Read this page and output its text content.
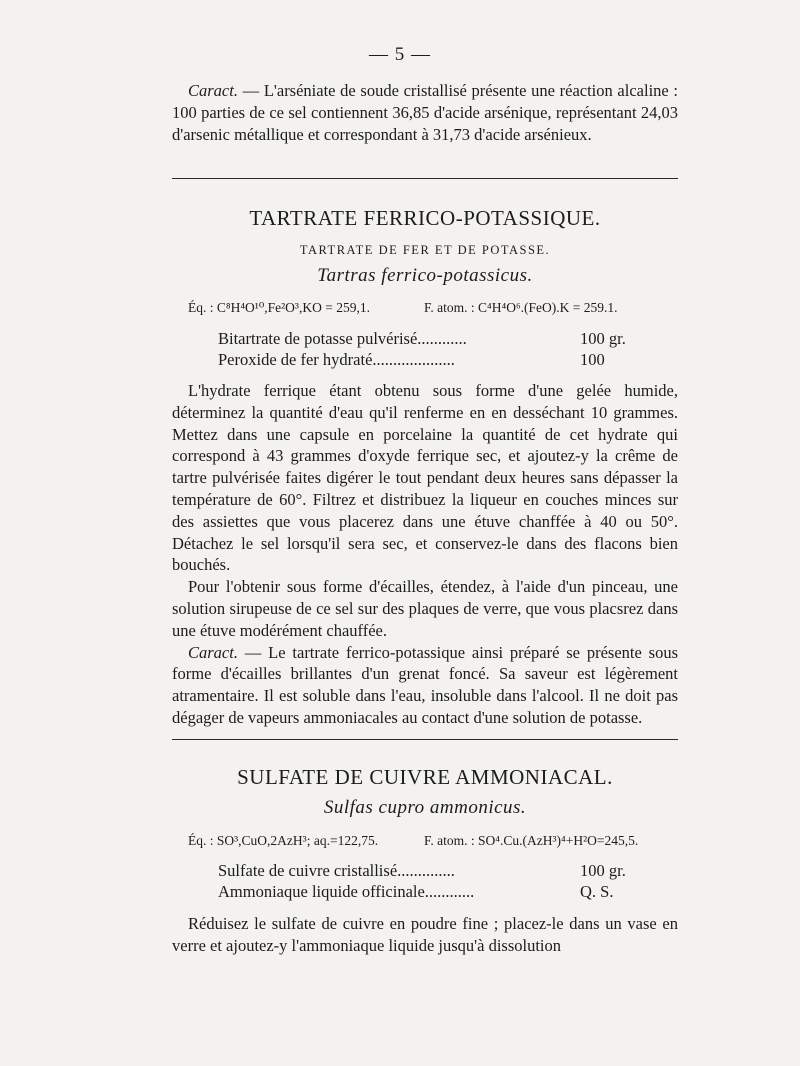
— 5 —

Caract. — L'arséniate de soude cristallisé présente une réaction alcaline : 100 parties de ce sel contiennent 36,85 d'acide arsénique, représentant 24,03 d'arsenic métallique et correspondant à 31,73 d'acide arsénieux.

TARTRATE FERRICO-POTASSIQUE.
TARTRATE DE FER ET DE POTASSE.
Tartras ferrico-potassicus.
Éq. : C⁸H⁴O¹⁰,Fe²O³,KO = 259,1.	F. atom. : C⁴H⁴O⁶.(FeO).K = 259.1.
Bitartrate de potasse pulvérisé............	100 gr.
Peroxide de fer hydraté....................	100

L'hydrate ferrique étant obtenu sous forme d'une gelée humide, déterminez la quantité d'eau qu'il renferme en en desséchant 10 grammes. Mettez dans une capsule en porcelaine la quantité de cet hydrate qui correspond à 43 grammes d'oxyde ferrique sec, et ajoutez-y la crême de tartre pulvérisée faites digérer le tout pendant deux heures sans dépasser la température de 60°. Filtrez et distribuez la liqueur en couches minces sur des assiettes que vous placerez dans une étuve chanffée à 40 ou 50°. Détachez le sel lorsqu'il sera sec, et conservez-le dans des flacons bien bouchés.

Pour l'obtenir sous forme d'écailles, étendez, à l'aide d'un pinceau, une solution sirupeuse de ce sel sur des plaques de verre, que vous placsrez dans une étuve modérément chauffée.

Caract. — Le tartrate ferrico-potassique ainsi préparé se présente sous forme d'écailles brillantes d'un grenat foncé. Sa saveur est légèrement atramentaire. Il est soluble dans l'eau, insoluble dans l'alcool. Il ne doit pas dégager de vapeurs ammoniacales au contact d'une solution de potasse.

SULFATE DE CUIVRE AMMONIACAL.
Sulfas cupro ammonicus.
Éq. : SO³,CuO,2AzH³; aq.=122,75.	F. atom. : SO⁴.Cu.(AzH³)⁴+H²O=245,5.
Sulfate de cuivre cristallisé..............	100 gr.
Ammoniaque liquide officinale............	Q. S.

Réduisez le sulfate de cuivre en poudre fine ; placez-le dans un vase en verre et ajoutez-y l'ammoniaque liquide jusqu'à dissolution
